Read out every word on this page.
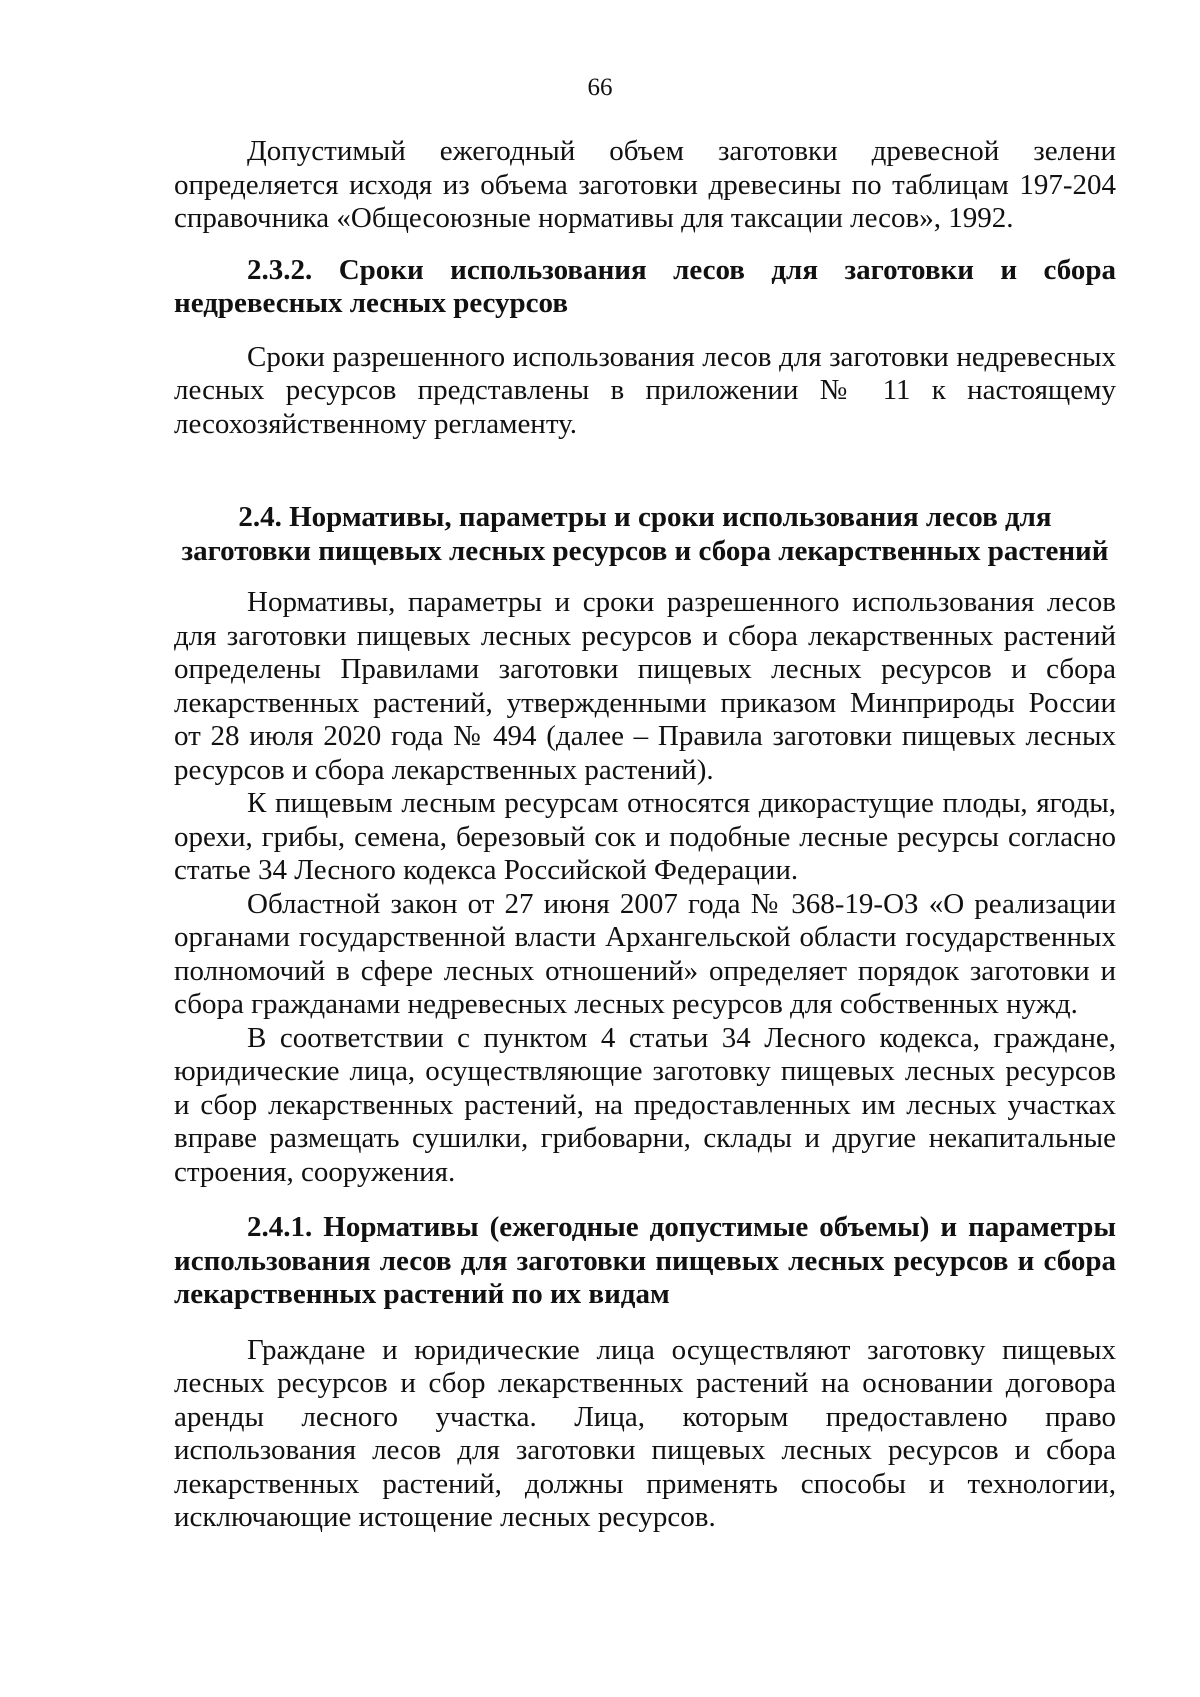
66

Допустимый ежегодный объем заготовки древесной зелени определяется исходя из объема заготовки древесины по таблицам 197-204 справочника «Общесоюзные нормативы для таксации лесов», 1992.

2.3.2. Сроки использования лесов для заготовки и сбора недревесных лесных ресурсов

Сроки разрешенного использования лесов для заготовки недревесных лесных ресурсов представлены в приложении № 11 к настоящему лесохозяйственному регламенту.

2.4. Нормативы, параметры и сроки использования лесов для заготовки пищевых лесных ресурсов и сбора лекарственных растений

Нормативы, параметры и сроки разрешенного использования лесов для заготовки пищевых лесных ресурсов и сбора лекарственных растений определены Правилами заготовки пищевых лесных ресурсов и сбора лекарственных растений, утвержденными приказом Минприроды России от 28 июля 2020 года № 494 (далее – Правила заготовки пищевых лесных ресурсов и сбора лекарственных растений).

К пищевым лесным ресурсам относятся дикорастущие плоды, ягоды, орехи, грибы, семена, березовый сок и подобные лесные ресурсы согласно статье 34 Лесного кодекса Российской Федерации.

Областной закон от 27 июня 2007 года № 368-19-ОЗ «О реализации органами государственной власти Архангельской области государственных полномочий в сфере лесных отношений» определяет порядок заготовки и сбора гражданами недревесных лесных ресурсов для собственных нужд.

В соответствии с пунктом 4 статьи 34 Лесного кодекса, граждане, юридические лица, осуществляющие заготовку пищевых лесных ресурсов и сбор лекарственных растений, на предоставленных им лесных участках вправе размещать сушилки, грибоварни, склады и другие некапитальные строения, сооружения.

2.4.1. Нормативы (ежегодные допустимые объемы) и параметры использования лесов для заготовки пищевых лесных ресурсов и сбора лекарственных растений по их видам

Граждане и юридические лица осуществляют заготовку пищевых лесных ресурсов и сбор лекарственных растений на основании договора аренды лесного участка. Лица, которым предоставлено право использования лесов для заготовки пищевых лесных ресурсов и сбора лекарственных растений, должны применять способы и технологии, исключающие истощение лесных ресурсов.
